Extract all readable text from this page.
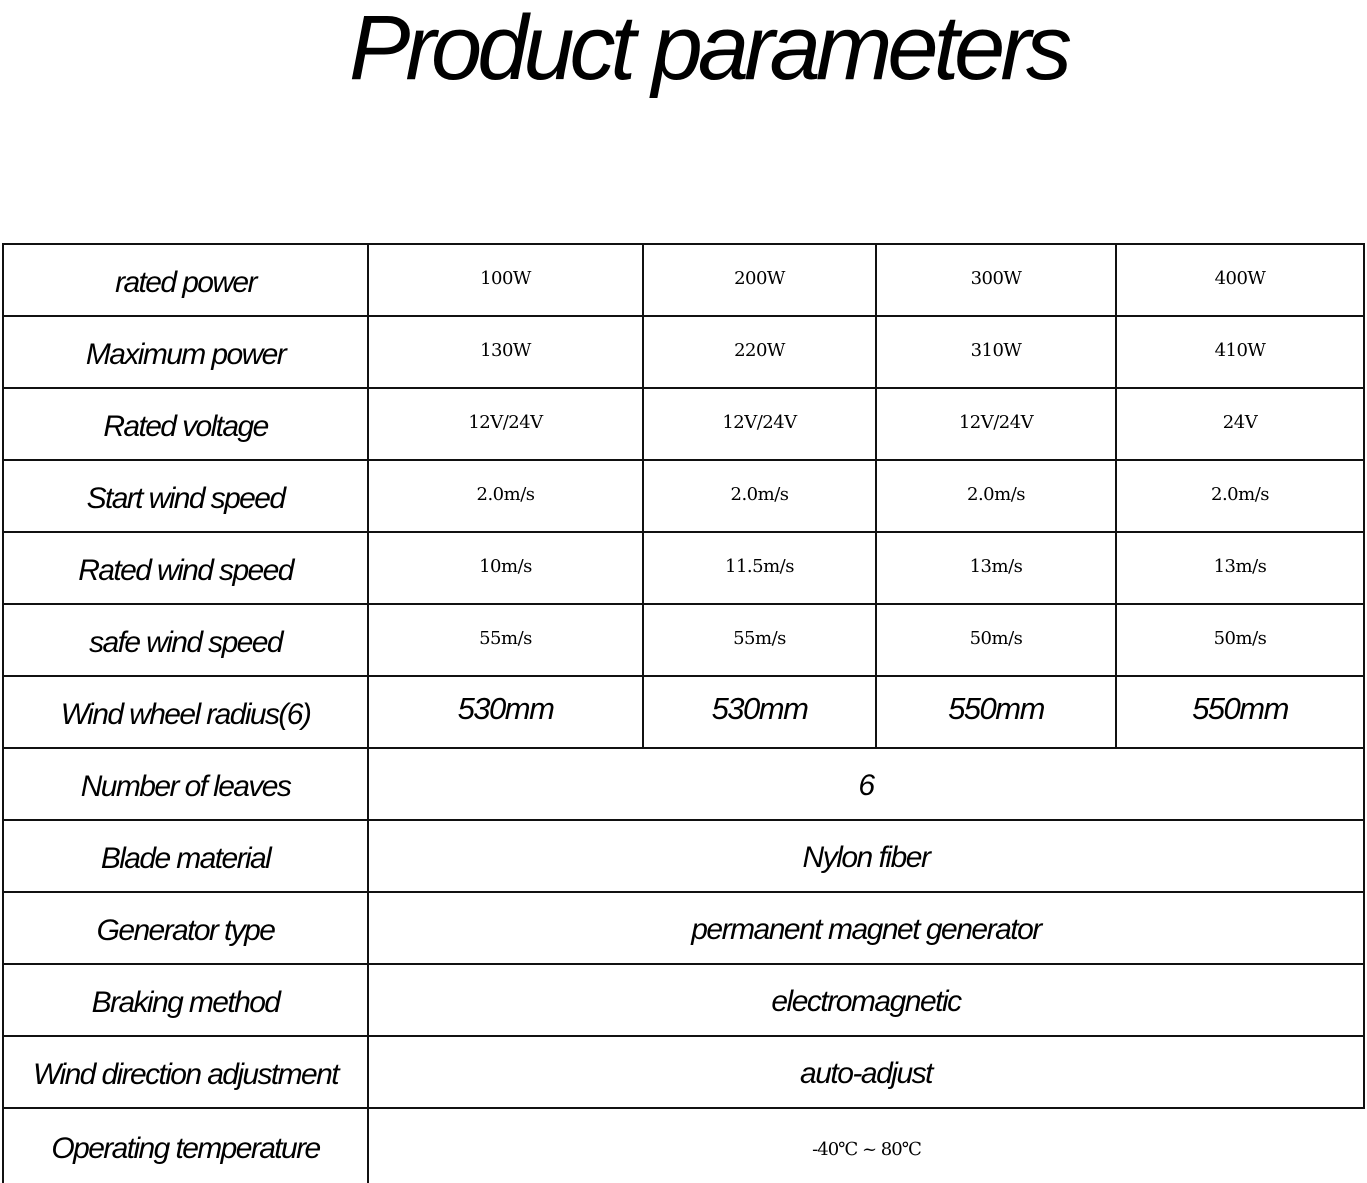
Product parameters
rated power	100W	200W	300W	400W
Maximum power	130W	220W	310W	410W
Rated voltage	12V/24V	12V/24V	12V/24V	24V
Start wind speed	2.0m/s	2.0m/s	2.0m/s	2.0m/s
Rated wind speed	10m/s	11.5m/s	13m/s	13m/s
safe wind speed	55m/s	55m/s	50m/s	50m/s
Wind wheel radius(6)	530mm	530mm	550mm	550mm
Number of leaves	6			
Blade material	Nylon fiber			
Generator type	permanent magnet generator			
Braking method	electromagnetic			
Wind direction adjustment	auto-adjust			
Operating temperature	-40℃ ~ 80℃			
